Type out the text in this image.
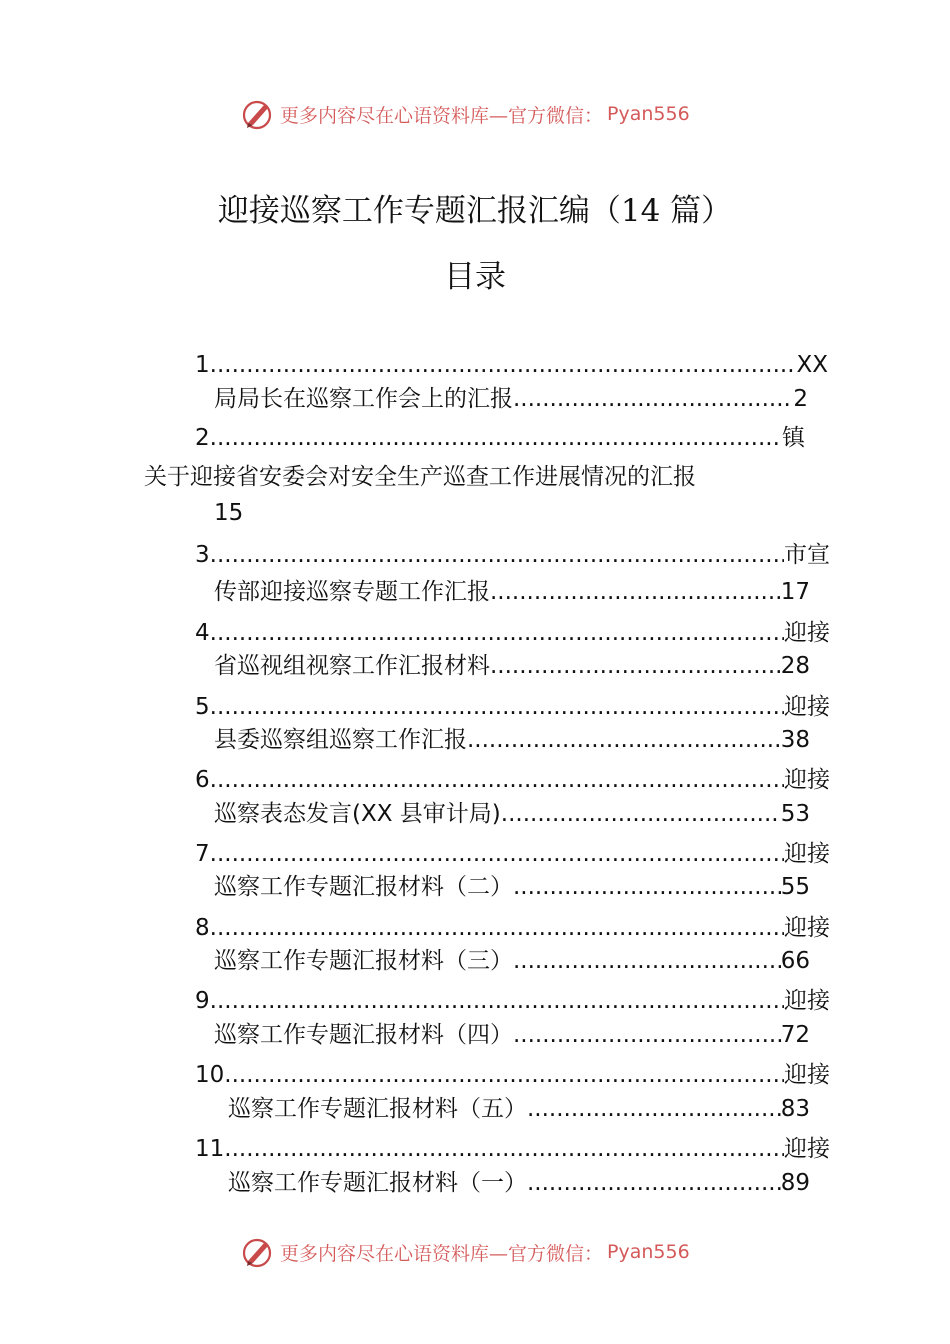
更多内容尽在心语资料库—官方微信： Pyan556
迎接巡察工作专题汇报汇编（14 篇）
目录
1 .....	XX
局局长在巡察工作会上的汇报 .....	2
2 .....	镇
关于迎接省安委会对安全生产巡查工作进展情况的汇报
15
3 .....	市宣
传部迎接巡察专题工作汇报 .....	17
4 .....	迎接
省巡视组视察工作汇报材料 .....	28
5 .....	迎接
县委巡察组巡察工作汇报 .....	38
6 .....	迎接
巡察表态发言(XX 县审计局) .....	53
7 .....	迎接
巡察工作专题汇报材料（二） .....	55
8 .....	迎接
巡察工作专题汇报材料（三） .....	66
9 .....	迎接
巡察工作专题汇报材料（四） .....	72
10 .....	迎接
巡察工作专题汇报材料（五） .....	83
11 .....	迎接
巡察工作专题汇报材料（一） .....	89
更多内容尽在心语资料库—官方微信： Pyan556
